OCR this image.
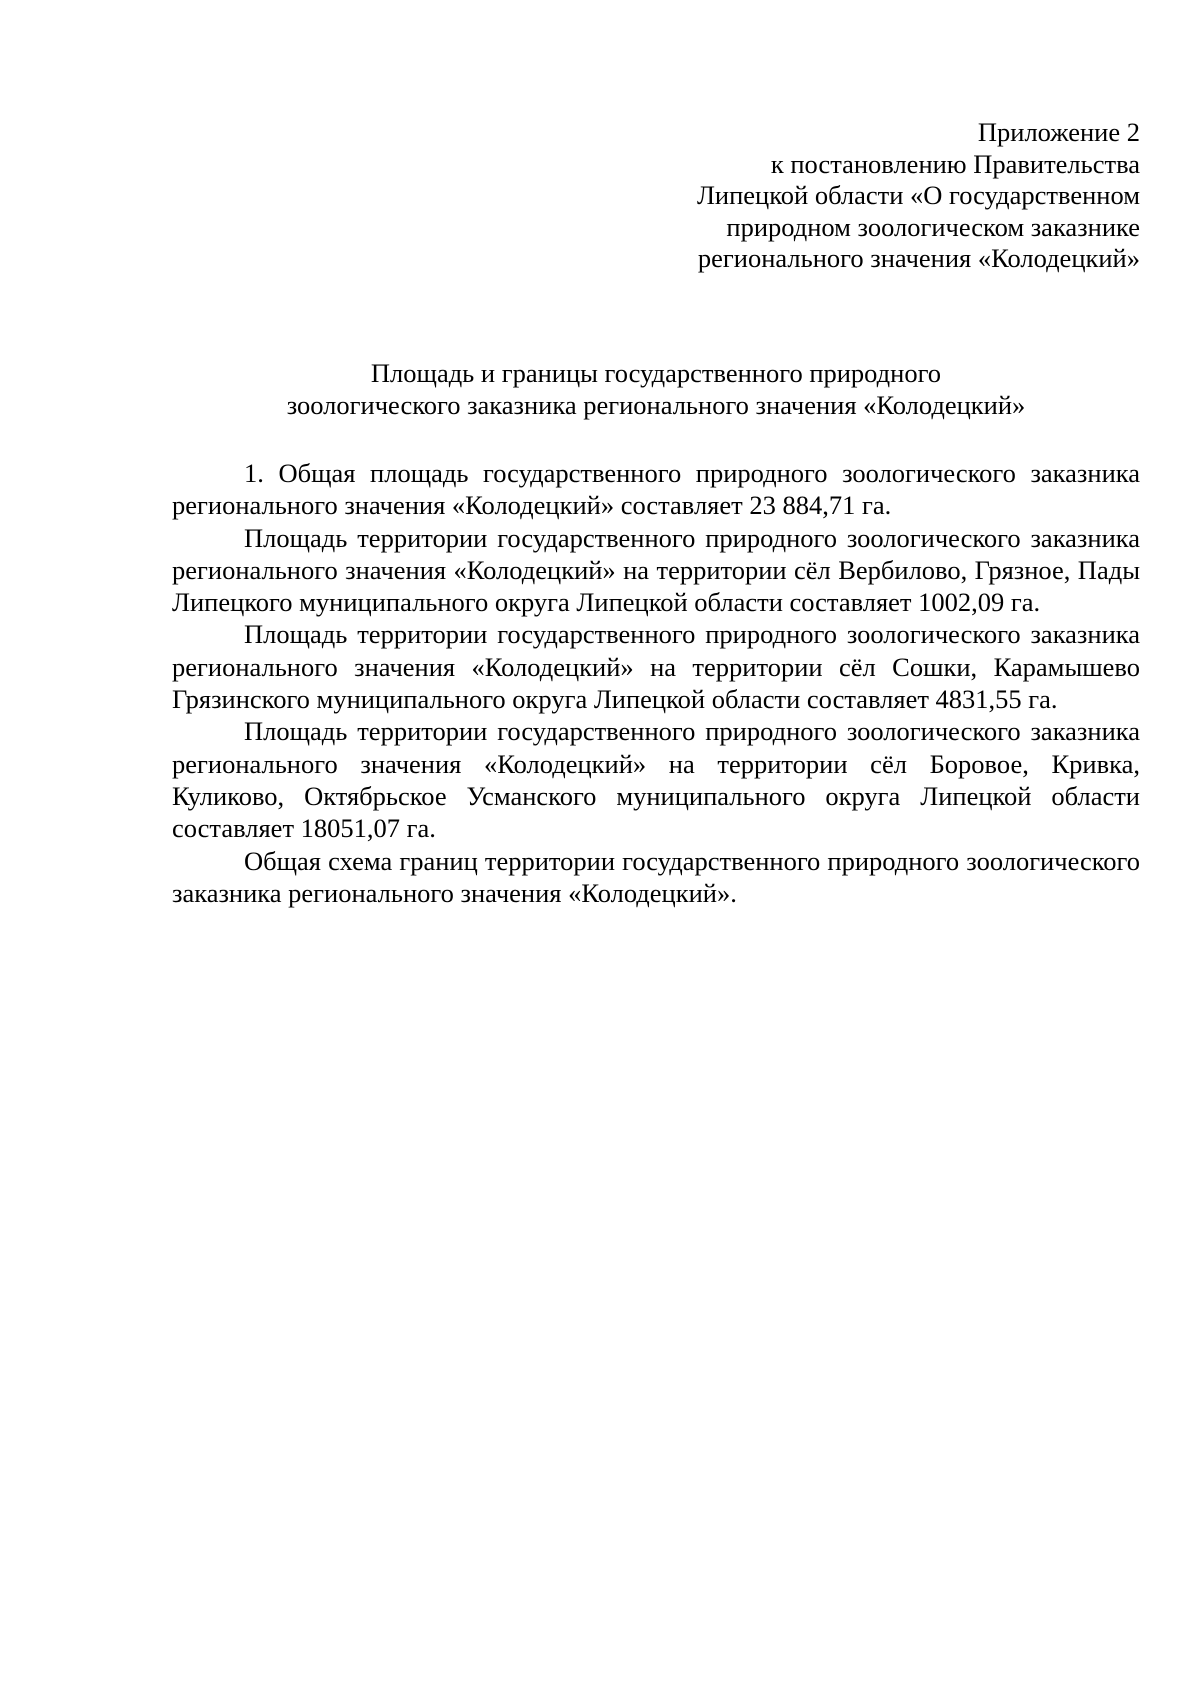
Приложение 2
к постановлению Правительства
Липецкой области «О государственном
природном зоологическом заказнике
регионального значения «Колодецкий»
Площадь и границы государственного природного
зоологического заказника регионального значения «Колодецкий»

1. Общая площадь государственного природного зоологического заказника регионального значения «Колодецкий» составляет 23 884,71 га.

Площадь территории государственного природного зоологического заказника регионального значения «Колодецкий» на территории сёл Вербилово, Грязное, Пады Липецкого муниципального округа Липецкой области составляет 1002,09 га.

Площадь территории государственного природного зоологического заказника регионального значения «Колодецкий» на территории сёл Сошки, Карамышево Грязинского муниципального округа Липецкой области составляет 4831,55 га.

Площадь территории государственного природного зоологического заказника регионального значения «Колодецкий» на территории сёл Боровое, Кривка, Куликово, Октябрьское Усманского муниципального округа Липецкой области составляет 18051,07 га.

Общая схема границ территории государственного природного зоологического заказника регионального значения «Колодецкий».
